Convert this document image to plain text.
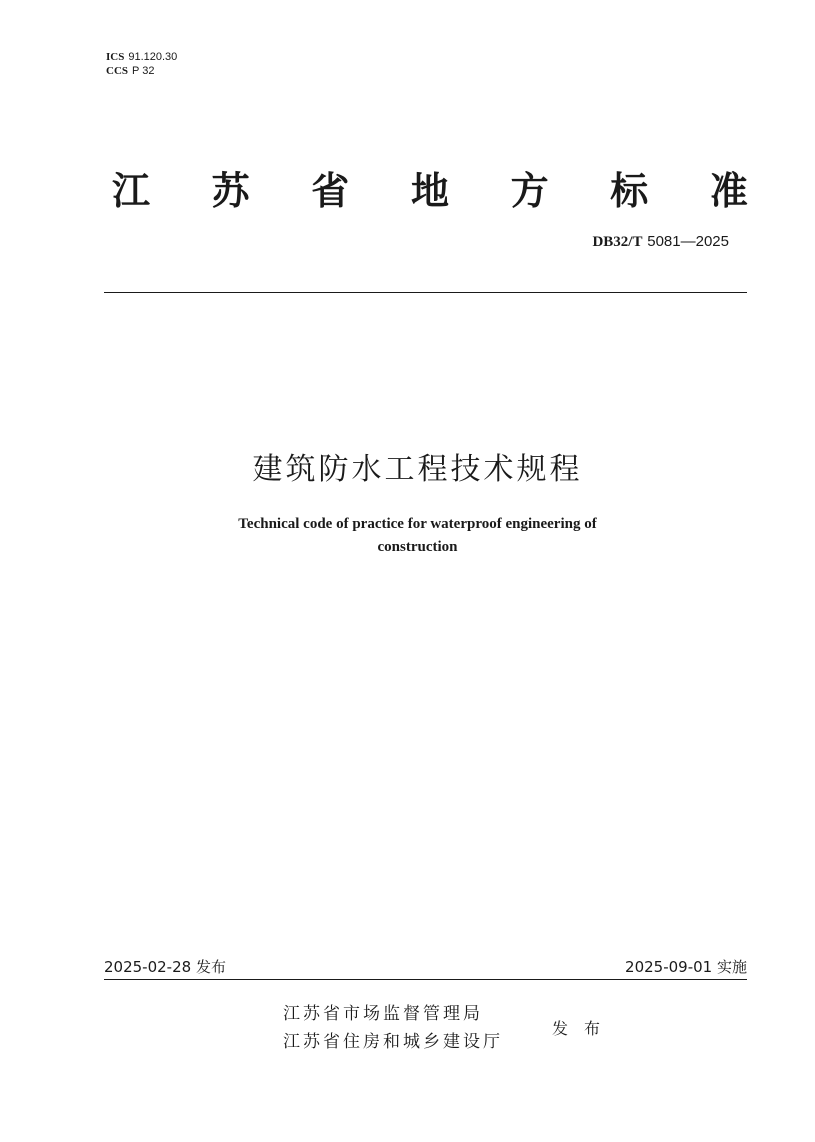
ICS 91.120.30
CCS P 32
江 苏 省 地 方 标 准
DB32/T 5081—2025
建筑防水工程技术规程
Technical code of practice for waterproof engineering of
construction
2025-02-28 发布	2025-09-01 实施
江苏省市场监督管理局
江苏省住房和城乡建设厅
发布
